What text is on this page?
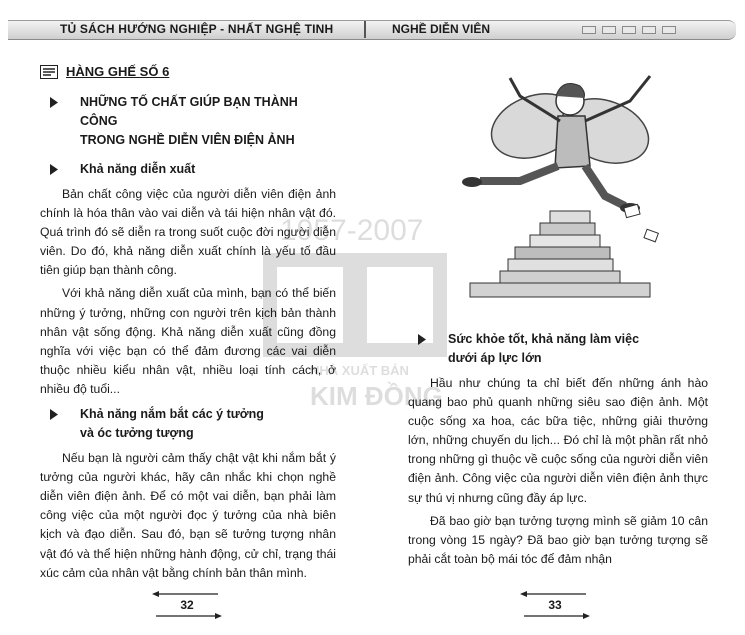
TỦ SÁCH HƯỚNG NGHIỆP - NHẤT NGHỆ TINH	NGHỀ DIỄN VIÊN
1957-2007
NHÀ XUẤT BẢN
KIM ĐỒNG
HÀNG GHẾ SỐ 6
NHỮNG TỐ CHẤT GIÚP BẠN THÀNH CÔNG
TRONG NGHỀ DIỄN VIÊN ĐIỆN ẢNH
Khả năng diễn xuất

Bản chất công việc của người diễn viên điện ảnh chính là hóa thân vào vai diễn và tái hiện nhân vật đó. Quá trình đó sẽ diễn ra trong suốt cuộc đời người diễn viên. Do đó, khả năng diễn xuất chính là yếu tố đầu tiên giúp bạn thành công.

Với khả năng diễn xuất của mình, bạn có thể biến những ý tưởng, những con người trên kịch bản thành nhân vật sống động. Khả năng diễn xuất cũng đồng nghĩa với việc bạn có thể đảm đương các vai diễn thuộc nhiều kiểu nhân vật, nhiều loại tính cách, ở nhiều độ tuổi...

Khả năng nắm bắt các ý tưởng
và óc tưởng tượng

Nếu bạn là người cảm thấy chật vật khi nắm bắt ý tưởng của người khác, hãy cân nhắc khi chọn nghề diễn viên điện ảnh. Để có một vai diễn, bạn phải làm công việc của một người đọc ý tưởng của nhà biên kịch và đạo diễn. Sau đó, bạn sẽ tưởng tượng nhân vật đó và thể hiện những hành động, cử chỉ, trạng thái xúc cảm của nhân vật bằng chính bản thân mình.

Sức khỏe tốt, khả năng làm việc
dưới áp lực lớn

Hầu như chúng ta chỉ biết đến những ánh hào quang bao phủ quanh những siêu sao điện ảnh. Một cuộc sống xa hoa, các bữa tiệc, những giải thưởng lớn, những chuyến du lịch... Đó chỉ là một phần rất nhỏ trong những gì thuộc về cuộc sống của người diễn viên điện ảnh. Công việc của người diễn viên điện ảnh thực sự thú vị nhưng cũng đầy áp lực.

Đã bao giờ bạn tưởng tượng mình sẽ giảm 10 cân trong vòng 15 ngày? Đã bao giờ bạn tưởng tượng sẽ phải cắt toàn bộ mái tóc để đảm nhận

32	33
